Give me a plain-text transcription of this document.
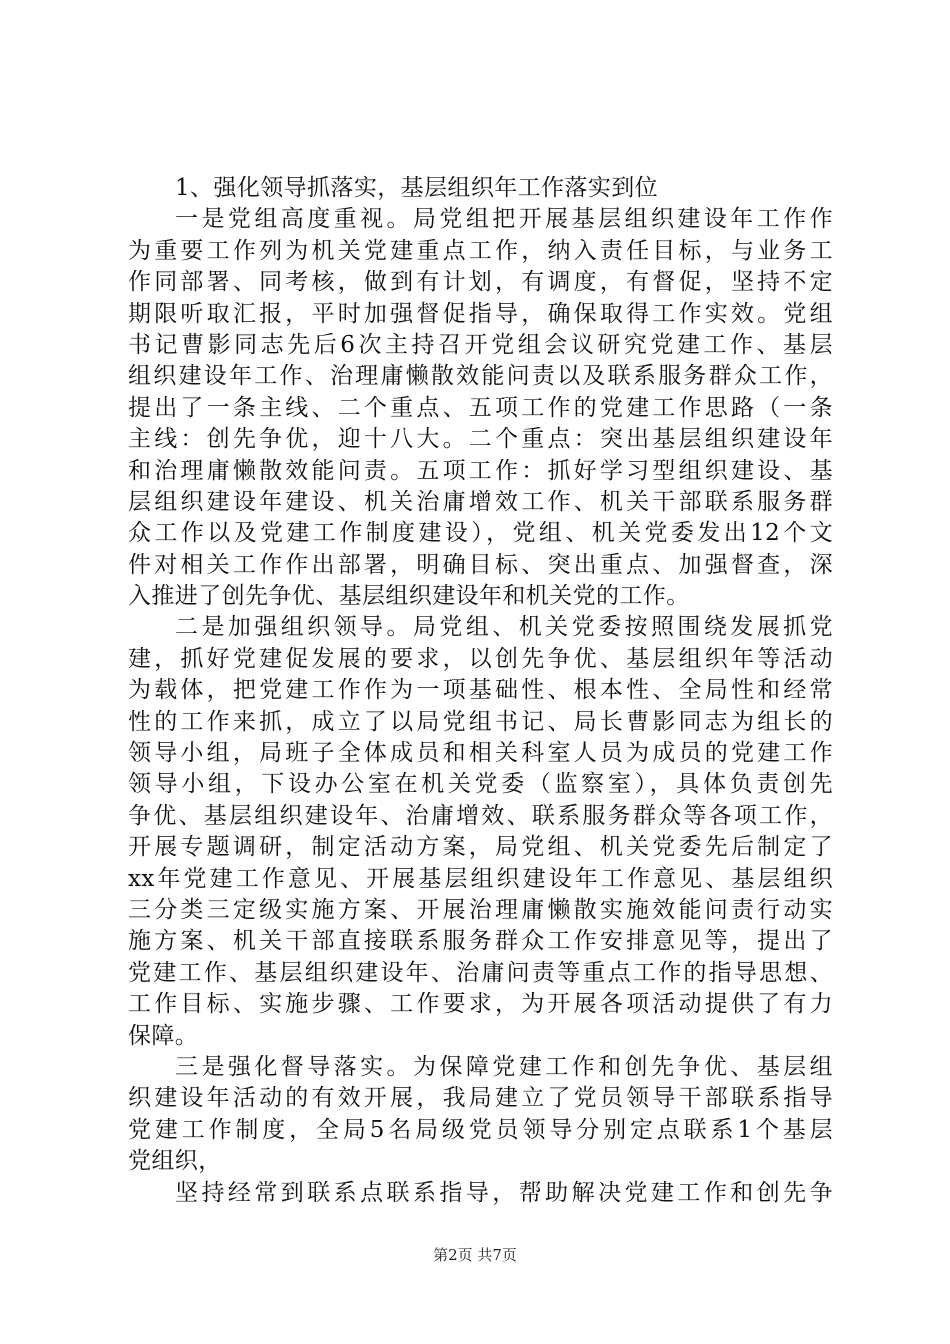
1、强化领导抓落实，基层组织年工作落实到位
一是党组高度重视。局党组把开展基层组织建设年工作作
为重要工作列为机关党建重点工作，纳入责任目标，与业务工
作同部署、同考核，做到有计划，有调度，有督促，坚持不定
期限听取汇报，平时加强督促指导，确保取得工作实效。党组
书记曹影同志先后6次主持召开党组会议研究党建工作、基层
组织建设年工作、治理庸懒散效能问责以及联系服务群众工作，
提出了一条主线、二个重点、五项工作的党建工作思路（一条
主线：创先争优，迎十八大。二个重点：突出基层组织建设年
和治理庸懒散效能问责。五项工作：抓好学习型组织建设、基
层组织建设年建设、机关治庸增效工作、机关干部联系服务群
众工作以及党建工作制度建设），党组、机关党委发出12个文
件对相关工作作出部署，明确目标、突出重点、加强督查，深
入推进了创先争优、基层组织建设年和机关党的工作。
二是加强组织领导。局党组、机关党委按照围绕发展抓党
建，抓好党建促发展的要求，以创先争优、基层组织年等活动
为载体，把党建工作作为一项基础性、根本性、全局性和经常
性的工作来抓，成立了以局党组书记、局长曹影同志为组长的
领导小组，局班子全体成员和相关科室人员为成员的党建工作
领导小组，下设办公室在机关党委（监察室），具体负责创先
争优、基层组织建设年、治庸增效、联系服务群众等各项工作，
开展专题调研，制定活动方案，局党组、机关党委先后制定了
xx年党建工作意见、开展基层组织建设年工作意见、基层组织
三分类三定级实施方案、开展治理庸懒散实施效能问责行动实
施方案、机关干部直接联系服务群众工作安排意见等，提出了
党建工作、基层组织建设年、治庸问责等重点工作的指导思想、
工作目标、实施步骤、工作要求，为开展各项活动提供了有力
保障。
三是强化督导落实。为保障党建工作和创先争优、基层组
织建设年活动的有效开展，我局建立了党员领导干部联系指导
党建工作制度，全局5名局级党员领导分别定点联系1个基层
党组织，
坚持经常到联系点联系指导，帮助解决党建工作和创先争
第2页 共7页
